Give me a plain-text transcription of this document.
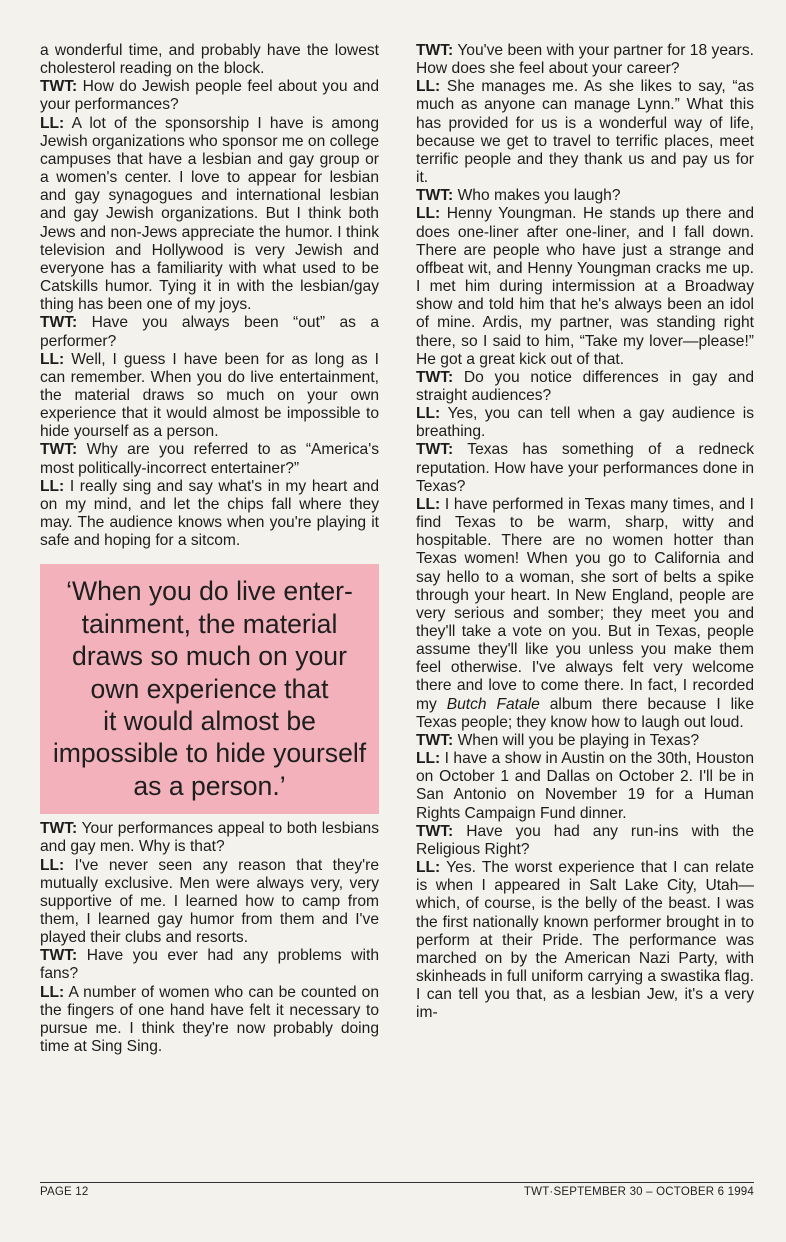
a wonderful time, and probably have the lowest cholesterol reading on the block.

TWT: How do Jewish people feel about you and your performances?

LL: A lot of the sponsorship I have is among Jewish organizations who sponsor me on college campuses that have a lesbian and gay group or a women's center. I love to appear for lesbian and gay synagogues and international lesbian and gay Jewish organizations. But I think both Jews and non-Jews appreciate the humor. I think television and Hollywood is very Jewish and everyone has a familiarity with what used to be Catskills humor. Tying it in with the lesbian/gay thing has been one of my joys.

TWT: Have you always been “out” as a performer?

LL: Well, I guess I have been for as long as I can remember. When you do live entertainment, the material draws so much on your own experience that it would almost be impossible to hide yourself as a person.

TWT: Why are you referred to as “America's most politically-incorrect entertainer?”

LL: I really sing and say what's in my heart and on my mind, and let the chips fall where they may. The audience knows when you're playing it safe and hoping for a sitcom.

‘When you do live enter-
tainment, the material
draws so much on your
own experience that
it would almost be
impossible to hide yourself
as a person.’

TWT: Your performances appeal to both lesbians and gay men. Why is that?

LL: I've never seen any reason that they're mutually exclusive. Men were always very, very supportive of me. I learned how to camp from them, I learned gay humor from them and I've played their clubs and resorts.

TWT: Have you ever had any problems with fans?

LL: A number of women who can be counted on the fingers of one hand have felt it necessary to pursue me. I think they're now probably doing time at Sing Sing.

TWT: You've been with your partner for 18 years. How does she feel about your career?

LL: She manages me. As she likes to say, “as much as anyone can manage Lynn.” What this has provided for us is a wonderful way of life, because we get to travel to terrific places, meet terrific people and they thank us and pay us for it.

TWT: Who makes you laugh?

LL: Henny Youngman. He stands up there and does one-liner after one-liner, and I fall down. There are people who have just a strange and offbeat wit, and Henny Youngman cracks me up. I met him during intermission at a Broadway show and told him that he's always been an idol of mine. Ardis, my partner, was standing right there, so I said to him, “Take my lover—please!” He got a great kick out of that.

TWT: Do you notice differences in gay and straight audiences?

LL: Yes, you can tell when a gay audience is breathing.

TWT: Texas has something of a redneck reputation. How have your performances done in Texas?

LL: I have performed in Texas many times, and I find Texas to be warm, sharp, witty and hospitable. There are no women hotter than Texas women! When you go to California and say hello to a woman, she sort of belts a spike through your heart. In New England, people are very serious and somber; they meet you and they'll take a vote on you. But in Texas, people assume they'll like you unless you make them feel otherwise. I've always felt very welcome there and love to come there. In fact, I recorded my Butch Fatale album there because I like Texas people; they know how to laugh out loud.

TWT: When will you be playing in Texas?

LL: I have a show in Austin on the 30th, Houston on October 1 and Dallas on October 2. I'll be in San Antonio on November 19 for a Human Rights Campaign Fund dinner.

TWT: Have you had any run-ins with the Religious Right?

LL: Yes. The worst experience that I can relate is when I appeared in Salt Lake City, Utah—which, of course, is the belly of the beast. I was the first nationally known performer brought in to perform at their Pride. The performance was marched on by the American Nazi Party, with skinheads in full uniform carrying a swastika flag. I can tell you that, as a lesbian Jew, it's a very im-

PAGE 12	TWT·SEPTEMBER 30 – OCTOBER 6 1994
